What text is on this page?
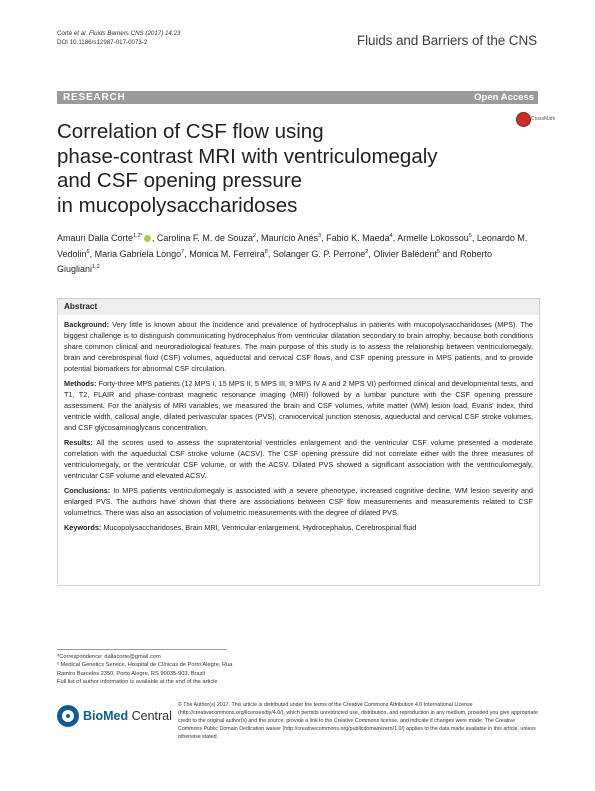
Corte et al. Fluids Barriers CNS (2017) 14:23
DOI 10.1186/s12987-017-0073-2	Fluids and Barriers of the CNS
RESEARCH	Open Access
CrossMark
Correlation of CSF flow using
phase-contrast MRI with ventriculomegaly
and CSF opening pressure
in mucopolysaccharidoses
Amauri Dalla Corte$^{1,2*}$ , Carolina F. M. de Souza$^2$, Maurício Anés$^3$, Fabio K. Maeda$^4$, Armelle Lokossou$^5$, Leonardo M. Vedolin$^6$, Maria Gabriela Longo$^7$, Monica M. Ferreira$^8$, Solanger G. P. Perrone$^2$, Olivier Balédent$^5$ and Roberto Giugliani$^{1,2}$
Abstract

Background: Very little is known about the incidence and prevalence of hydrocephalus in patients with mucopolysaccharidoses (MPS). The biggest challenge is to distinguish communicating hydrocephalus from ventricular dilatation secondary to brain atrophy, because both conditions share common clinical and neuroradiological features. The main purpose of this study is to assess the relationship between ventriculomegaly, brain and cerebrospinal fluid (CSF) volumes, aqueductal and cervical CSF flows, and CSF opening pressure in MPS patients, and to provide potential biomarkers for abnormal CSF circulation.

Methods: Forty-three MPS patients (12 MPS I, 15 MPS II, 5 MPS III, 9 MPS IV A and 2 MPS VI) performed clinical and developmental tests, and T1, T2, FLAIR and phase-contrast magnetic resonance imaging (MRI) followed by a lumbar puncture with the CSF opening pressure assessment. For the analysis of MRI variables, we measured the brain and CSF volumes, white matter (WM) lesion load, Evans' index, third ventricle width, callosal angle, dilated perivascular spaces (PVS), craniocervical junction stenosis, aqueductal and cervical CSF stroke volumes, and CSF glycosaminoglycans concentration.

Results: All the scores used to assess the supratentorial ventricles enlargement and the ventricular CSF volume presented a moderate correlation with the aqueductal CSF stroke volume (ACSV). The CSF opening pressure did not correlate either with the three measures of ventriculomegaly, or the ventricular CSF volume, or with the ACSV. Dilated PVS showed a significant association with the ventriculomegaly, ventricular CSF volume and elevated ACSV.

Conclusions: In MPS patients ventriculomegaly is associated with a severe phenotype, increased cognitive decline, WM lesion severity and enlarged PVS. The authors have shown that there are associations between CSF flow measurements and measurements related to CSF volumetrics. There was also an association of volumetric measurements with the degree of dilated PVS.

Keywords: Mucopolysaccharidoses, Brain MRI, Ventricular enlargement, Hydrocephalus, Cerebrospinal fluid

*Correspondence: dallacorte@gmail.com
² Medical Genetics Service, Hospital de Clínicas de Porto Alegre, Rua
Ramiro Barcelos 2350, Porto Alegre, RS 90035-903, Brazil
Full list of author information is available at the end of the article
BioMed Central
© The Author(s) 2017. This article is distributed under the terms of the Creative Commons Attribution 4.0 International License (http://creativecommons.org/licenses/by/4.0/), which permits unrestricted use, distribution, and reproduction in any medium, provided you give appropriate credit to the original author(s) and the source, provide a link to the Creative Commons license, and indicate if changes were made. The Creative Commons Public Domain Dedication waiver (http://creativecommons.org/publicdomain/zero/1.0/) applies to the data made available in this article, unless otherwise stated.
